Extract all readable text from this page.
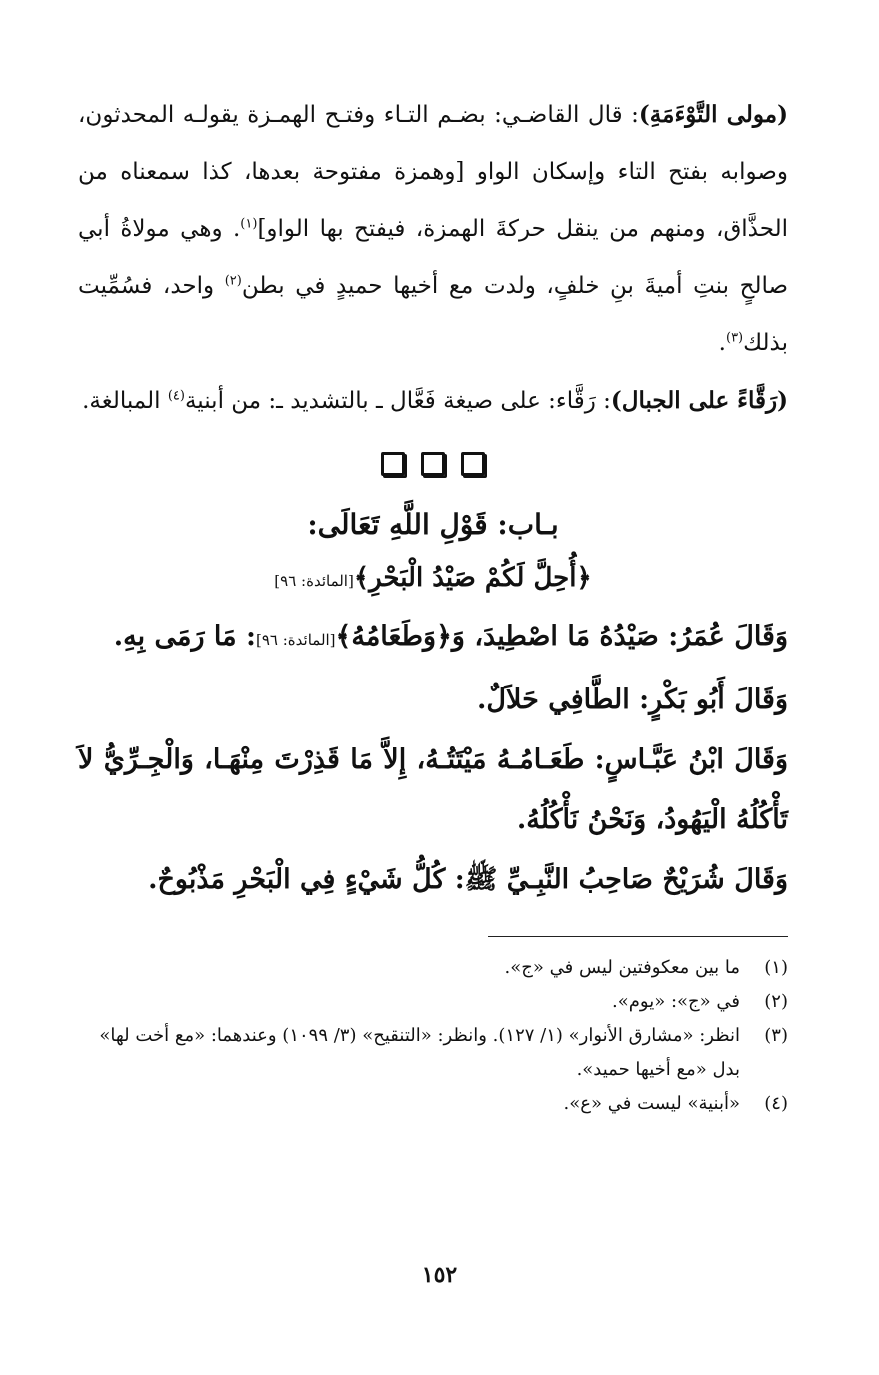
(مولى التَّوْءَمَةِ): قال القاضـي: بضـم التـاء وفتـح الهمـزة يقولـه المحدثون، وصوابه بفتح التاء وإسكان الواو [وهمزة مفتوحة بعدها، كذا سمعناه من الحذَّاق، ومنهم من ينقل حركةَ الهمزة، فيفتح بها الواو]$^{(١)}$. وهي مولاةُ أبي صالحٍ بنتِ أميةَ بنِ خلفٍ، ولدت مع أخيها حميدٍ في بطن$^{(٢)}$ واحد، فسُمِّيت بذلك$^{(٣)}$.

(رَقَّاءً على الجبال): رَقَّاء: على صيغة فَعَّال ـ بالتشديد ـ: من أبنية$^{(٤)}$ المبالغة.

بـاب: قَوْلِ اللَّهِ تَعَالَى:

﴿أُحِلَّ لَكُمْ صَيْدُ الْبَحْرِ﴾[المائدة: ٩٦]

وَقَالَ عُمَرُ: صَيْدُهُ مَا اصْطِيدَ، وَ﴿وَطَعَامُهُ﴾[المائدة: ٩٦]: مَا رَمَى بِهِ.

وَقَالَ أَبُو بَكْرٍ: الطَّافِي حَلاَلٌ.

وَقَالَ ابْنُ عَبَّـاسٍ: طَعَـامُـهُ مَيْتَتُـهُ، إِلاَّ مَا قَذِرْتَ مِنْهَـا، وَالْجِـرِّيُّ لاَ تَأْكُلُهُ الْيَهُودُ، وَنَحْنُ نَأْكُلُهُ.

وَقَالَ شُرَيْحٌ صَاحِبُ النَّبِـيِّ ﷺ: كُلُّ شَيْءٍ فِي الْبَحْرِ مَذْبُوحٌ.

(١)
ما بين معكوفتين ليس في «ج».

(٢)
في «ج»: «يوم».

(٣)
انظر: «مشارق الأنوار» (١/ ١٢٧). وانظر: «التنقيح» (٣/ ١٠٩٩) وعندهما: «مع أخت لها» بدل «مع أخيها حميد».

(٤)
«أبنية» ليست في «ع».

١٥٢
